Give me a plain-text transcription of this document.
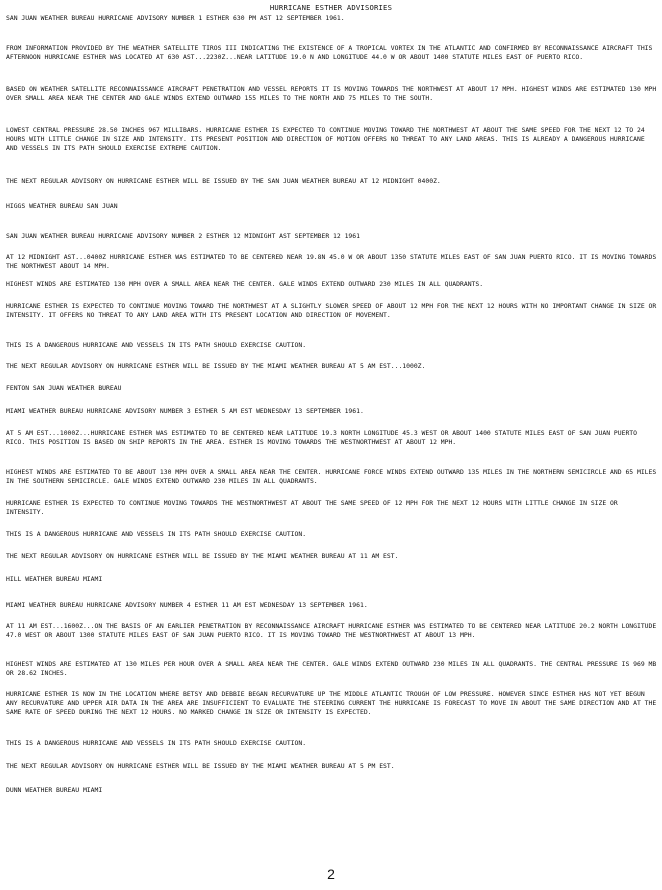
HURRICANE ESTHER ADVISORIES
SAN JUAN WEATHER BUREAU HURRICANE ADVISORY NUMBER 1 ESTHER 630 PM AST 12 SEPTEMBER 1961.
FROM INFORMATION PROVIDED BY THE WEATHER SATELLITE TIROS III INDICATING THE EXISTENCE OF A TROPICAL VORTEX IN THE ATLANTIC AND CONFIRMED BY RECONNAISSANCE AIRCRAFT THIS AFTERNOON HURRICANE ESTHER WAS LOCATED AT 630 AST...2230Z...NEAR LATITUDE 19.0 N AND LONGITUDE 44.0 W OR ABOUT 1400 STATUTE MILES EAST OF PUERTO RICO.
BASED ON WEATHER SATELLITE RECONNAISSANCE AIRCRAFT PENETRATION AND VESSEL REPORTS IT IS MOVING TOWARDS THE NORTHWEST AT ABOUT 17 MPH. HIGHEST WINDS ARE ESTIMATED 130 MPH OVER SMALL AREA NEAR THE CENTER AND GALE WINDS EXTEND OUTWARD 155 MILES TO THE NORTH AND 75 MILES TO THE SOUTH.
LOWEST CENTRAL PRESSURE 28.50 INCHES 967 MILLIBARS. HURRICANE ESTHER IS EXPECTED TO CONTINUE MOVING TOWARD THE NORTHWEST AT ABOUT THE SAME SPEED FOR THE NEXT 12 TO 24 HOURS WITH LITTLE CHANGE IN SIZE AND INTENSITY. ITS PRESENT POSITION AND DIRECTION OF MOTION OFFERS NO THREAT TO ANY LAND AREAS. THIS IS ALREADY A DANGEROUS HURRICANE AND VESSELS IN ITS PATH SHOULD EXERCISE EXTREME CAUTION.
THE NEXT REGULAR ADVISORY ON HURRICANE ESTHER WILL BE ISSUED BY THE SAN JUAN WEATHER BUREAU AT 12 MIDNIGHT 0400Z.
HIGGS WEATHER BUREAU SAN JUAN
SAN JUAN WEATHER BUREAU HURRICANE ADVISORY NUMBER 2 ESTHER 12 MIDNIGHT AST SEPTEMBER 12 1961
AT 12 MIDNIGHT AST...0400Z HURRICANE ESTHER WAS ESTIMATED TO BE CENTERED NEAR 19.8N 45.0 W OR ABOUT 1350 STATUTE MILES EAST OF SAN JUAN PUERTO RICO. IT IS MOVING TOWARDS THE NORTHWEST ABOUT 14 MPH.
HIGHEST WINDS ARE ESTIMATED 130 MPH OVER A SMALL AREA NEAR THE CENTER. GALE WINDS EXTEND OUTWARD 230 MILES IN ALL QUADRANTS.
HURRICANE ESTHER IS EXPECTED TO CONTINUE MOVING TOWARD THE NORTHWEST AT A SLIGHTLY SLOWER SPEED OF ABOUT 12 MPH FOR THE NEXT 12 HOURS WITH NO IMPORTANT CHANGE IN SIZE OR INTENSITY. IT OFFERS NO THREAT TO ANY LAND AREA WITH ITS PRESENT LOCATION AND DIRECTION OF MOVEMENT.
THIS IS A DANGEROUS HURRICANE AND VESSELS IN ITS PATH SHOULD EXERCISE CAUTION.
THE NEXT REGULAR ADVISORY ON HURRICANE ESTHER WILL BE ISSUED BY THE MIAMI WEATHER BUREAU AT 5 AM EST...1000Z.
FENTON SAN JUAN WEATHER BUREAU
MIAMI WEATHER BUREAU HURRICANE ADVISORY NUMBER 3 ESTHER 5 AM EST WEDNESDAY 13 SEPTEMBER 1961.
AT 5 AM EST...1000Z...HURRICANE ESTHER WAS ESTIMATED TO BE CENTERED NEAR LATITUDE 19.3 NORTH LONGITUDE 45.3 WEST OR ABOUT 1400 STATUTE MILES EAST OF SAN JUAN PUERTO RICO. THIS POSITION IS BASED ON SHIP REPORTS IN THE AREA. ESTHER IS MOVING TOWARDS THE WESTNORTHWEST AT ABOUT 12 MPH.
HIGHEST WINDS ARE ESTIMATED TO BE ABOUT 130 MPH OVER A SMALL AREA NEAR THE CENTER. HURRICANE FORCE WINDS EXTEND OUTWARD 135 MILES IN THE NORTHERN SEMICIRCLE AND 65 MILES IN THE SOUTHERN SEMICIRCLE. GALE WINDS EXTEND OUTWARD 230 MILES IN ALL QUADRANTS.
HURRICANE ESTHER IS EXPECTED TO CONTINUE MOVING TOWARDS THE WESTNORTHWEST AT ABOUT THE SAME SPEED OF 12 MPH FOR THE NEXT 12 HOURS WITH LITTLE CHANGE IN SIZE OR INTENSITY.
THIS IS A DANGEROUS HURRICANE AND VESSELS IN ITS PATH SHOULD EXERCISE CAUTION.
THE NEXT REGULAR ADVISORY ON HURRICANE ESTHER WILL BE ISSUED BY THE MIAMI WEATHER BUREAU AT 11 AM EST.
HILL WEATHER BUREAU MIAMI
MIAMI WEATHER BUREAU HURRICANE ADVISORY NUMBER 4 ESTHER 11 AM EST WEDNESDAY 13 SEPTEMBER 1961.
AT 11 AM EST...1600Z...ON THE BASIS OF AN EARLIER PENETRATION BY RECONNAISSANCE AIRCRAFT HURRICANE ESTHER WAS ESTIMATED TO BE CENTERED NEAR LATITUDE 20.2 NORTH LONGITUDE 47.0 WEST OR ABOUT 1300 STATUTE MILES EAST OF SAN JUAN PUERTO RICO. IT IS MOVING TOWARD THE WESTNORTHWEST AT ABOUT 13 MPH.
HIGHEST WINDS ARE ESTIMATED AT 130 MILES PER HOUR OVER A SMALL AREA NEAR THE CENTER. GALE WINDS EXTEND OUTWARD 230 MILES IN ALL QUADRANTS. THE CENTRAL PRESSURE IS 969 MB OR 28.62 INCHES.
HURRICANE ESTHER IS NOW IN THE LOCATION WHERE BETSY AND DEBBIE BEGAN RECURVATURE UP THE MIDDLE ATLANTIC TROUGH OF LOW PRESSURE. HOWEVER SINCE ESTHER HAS NOT YET BEGUN ANY RECURVATURE AND UPPER AIR DATA IN THE AREA ARE INSUFFICIENT TO EVALUATE THE STEERING CURRENT THE HURRICANE IS FORECAST TO MOVE IN ABOUT THE SAME DIRECTION AND AT THE SAME RATE OF SPEED DURING THE NEXT 12 HOURS. NO MARKED CHANGE IN SIZE OR INTENSITY IS EXPECTED.
THIS IS A DANGEROUS HURRICANE AND VESSELS IN ITS PATH SHOULD EXERCISE CAUTION.
THE NEXT REGULAR ADVISORY ON HURRICANE ESTHER WILL BE ISSUED BY THE MIAMI WEATHER BUREAU AT 5 PM EST.
DUNN WEATHER BUREAU MIAMI
2
